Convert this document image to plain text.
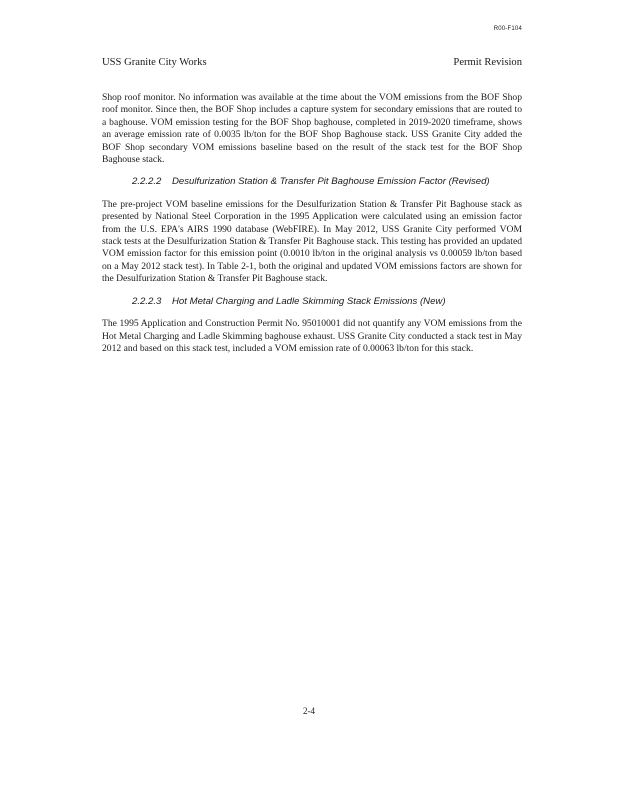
R00-F104
USS Granite City Works	Permit Revision

Shop roof monitor. No information was available at the time about the VOM emissions from the BOF Shop roof monitor. Since then, the BOF Shop includes a capture system for secondary emissions that are routed to a baghouse. VOM emission testing for the BOF Shop baghouse, completed in 2019-2020 timeframe, shows an average emission rate of 0.0035 lb/ton for the BOF Shop Baghouse stack. USS Granite City added the BOF Shop secondary VOM emissions baseline based on the result of the stack test for the BOF Shop Baghouse stack.

2.2.2.2	Desulfurization Station & Transfer Pit Baghouse Emission Factor (Revised)

The pre-project VOM baseline emissions for the Desulfurization Station & Transfer Pit Baghouse stack as presented by National Steel Corporation in the 1995 Application were calculated using an emission factor from the U.S. EPA's AIRS 1990 database (WebFIRE). In May 2012, USS Granite City performed VOM stack tests at the Desulfurization Station & Transfer Pit Baghouse stack. This testing has provided an updated VOM emission factor for this emission point (0.0010 lb/ton in the original analysis vs 0.00059 lb/ton based on a May 2012 stack test). In Table 2-1, both the original and updated VOM emissions factors are shown for the Desulfurization Station & Transfer Pit Baghouse stack.

2.2.2.3	Hot Metal Charging and Ladle Skimming Stack Emissions (New)

The 1995 Application and Construction Permit No. 95010001 did not quantify any VOM emissions from the Hot Metal Charging and Ladle Skimming baghouse exhaust. USS Granite City conducted a stack test in May 2012 and based on this stack test, included a VOM emission rate of 0.00063 lb/ton for this stack.

2-4
